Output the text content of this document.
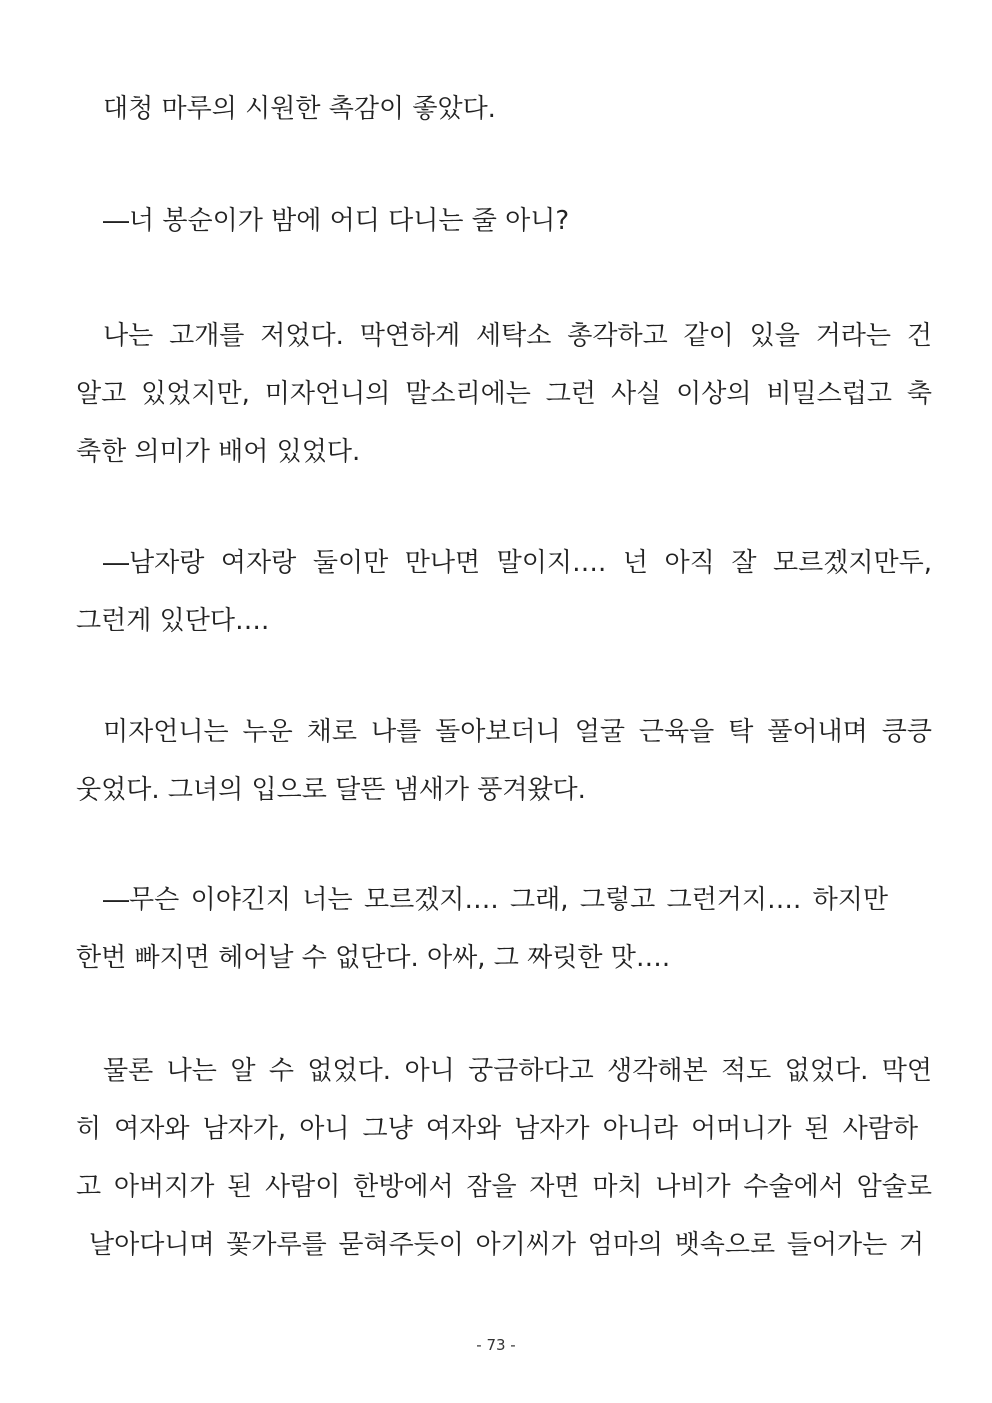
대청 마루의 시원한 촉감이 좋았다.
―너 봉순이가 밤에 어디 다니는 줄 아니?
나는 고개를 저었다. 막연하게 세탁소 총각하고 같이 있을 거라는 건
알고 있었지만, 미자언니의 말소리에는 그런 사실 이상의 비밀스럽고 축
축한 의미가 배어 있었다.
―남자랑 여자랑 둘이만 만나면 말이지…. 넌 아직 잘 모르겠지만두,
그런게 있단다….
미자언니는 누운 채로 나를 돌아보더니 얼굴 근육을 탁 풀어내며 킁킁
웃었다. 그녀의 입으로 달뜬 냄새가 풍겨왔다.
―무슨 이야긴지 너는 모르겠지…. 그래, 그렇고 그런거지…. 하지만
한번 빠지면 헤어날 수 없단다. 아싸, 그 짜릿한 맛….
물론 나는 알 수 없었다. 아니 궁금하다고 생각해본 적도 없었다. 막연
히 여자와 남자가, 아니 그냥 여자와 남자가 아니라 어머니가 된 사람하
고 아버지가 된 사람이 한방에서 잠을 자면 마치 나비가 수술에서 암술로
날아다니며 꽃가루를 묻혀주듯이 아기씨가 엄마의 뱃속으로 들어가는 거
- 73 -
